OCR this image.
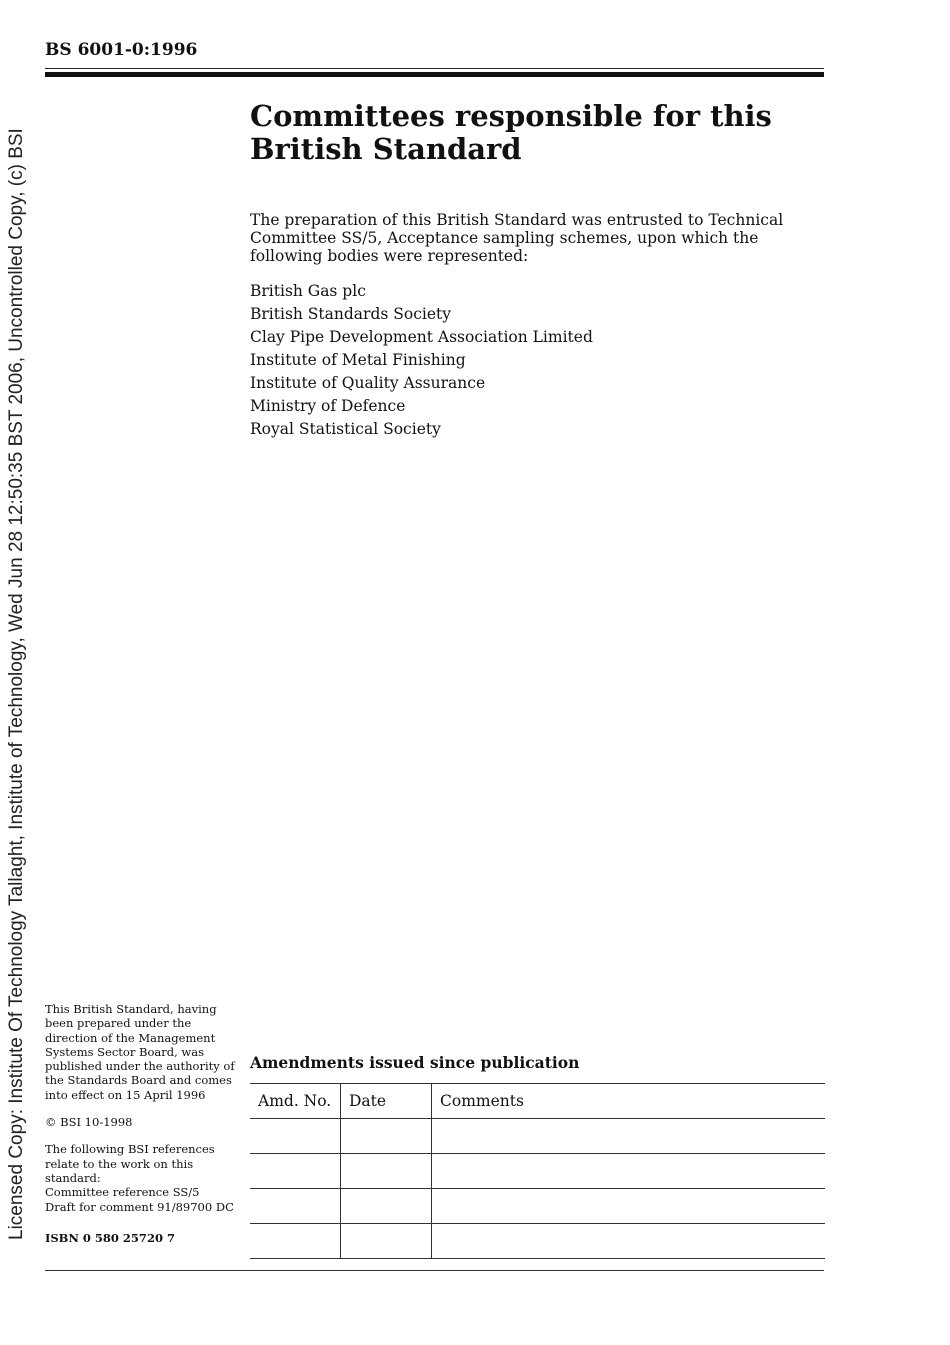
BS 6001-0:1996
Licensed Copy: Institute Of Technology Tallaght, Institute of Technology, Wed Jun 28 12:50:35 BST 2006, Uncontrolled Copy, (c) BSI
Committees responsible for this
British Standard
The preparation of this British Standard was entrusted to Technical Committee SS/5, Acceptance sampling schemes, upon which the following bodies were represented:
British Gas plc
British Standards Society
Clay Pipe Development Association Limited
Institute of Metal Finishing
Institute of Quality Assurance
Ministry of Defence
Royal Statistical Society

This British Standard, having been prepared under the direction of the Management Systems Sector Board, was published under the authority of the Standards Board and comes into effect on 15 April 1996

© BSI 10-1998

The following BSI references relate to the work on this standard:
Committee reference SS/5
Draft for comment 91/89700 DC

ISBN 0 580 25720 7

Amendments issued since publication
Amd. No.	Date	Comments
